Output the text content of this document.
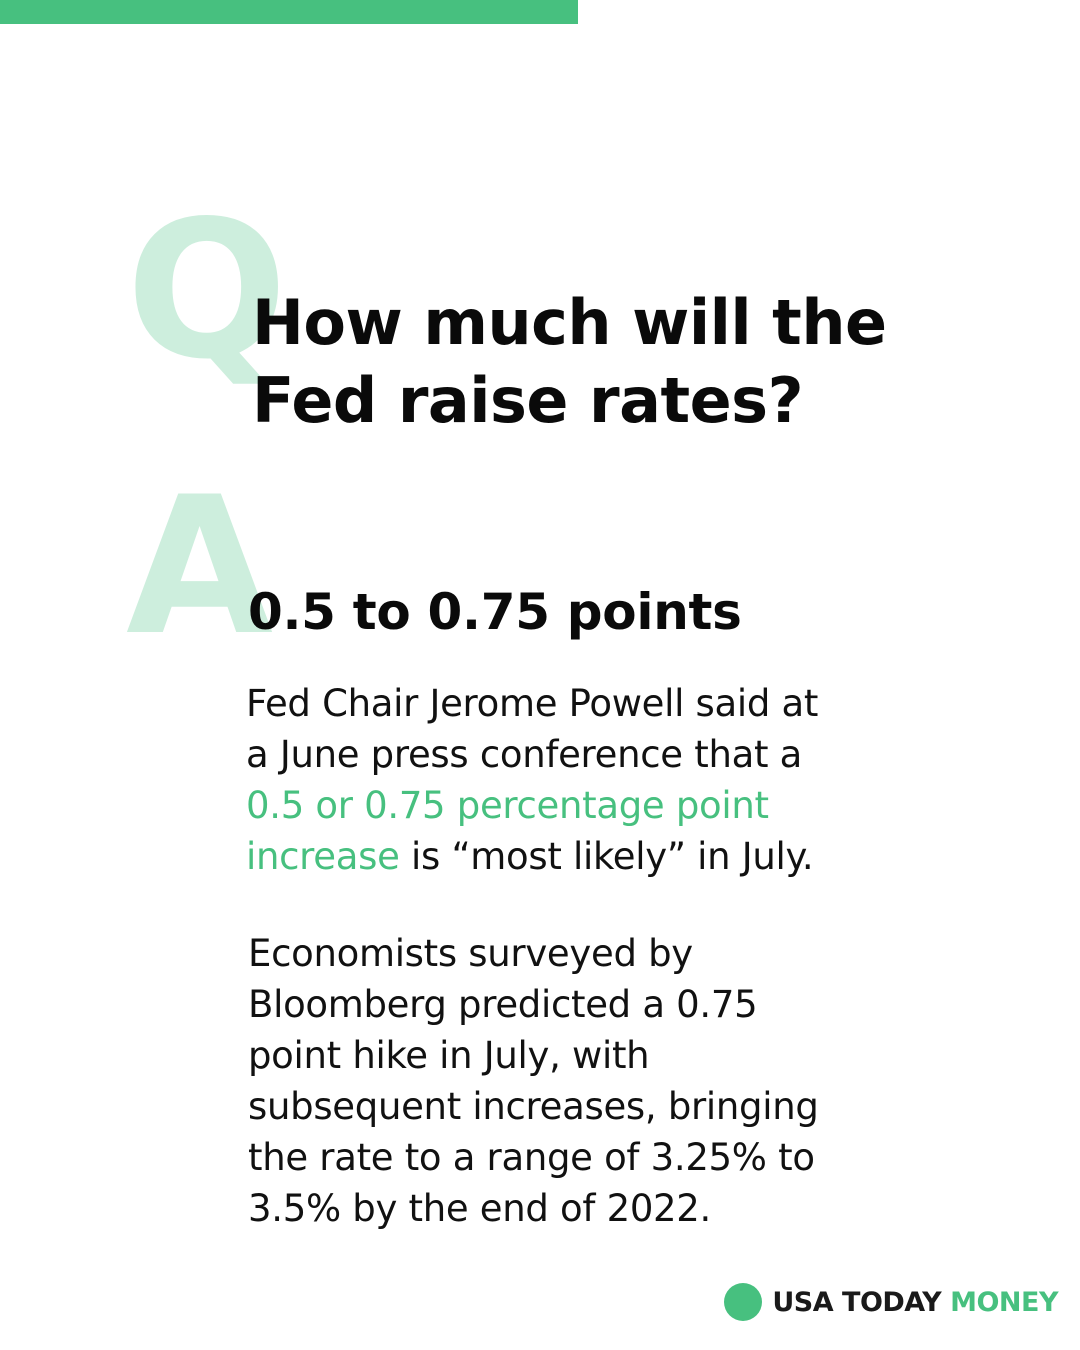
Q
A
How much will the
Fed raise rates?
0.5 to 0.75 points

Fed Chair Jerome Powell said at
a June press conference that a
0.5 or 0.75 percentage point
increase is “most likely” in July.

Economists surveyed by
Bloomberg predicted a 0.75
point hike in July, with
subsequent increases, bringing
the rate to a range of 3.25% to
3.5% by the end of 2022.

USA TODAY MONEY
